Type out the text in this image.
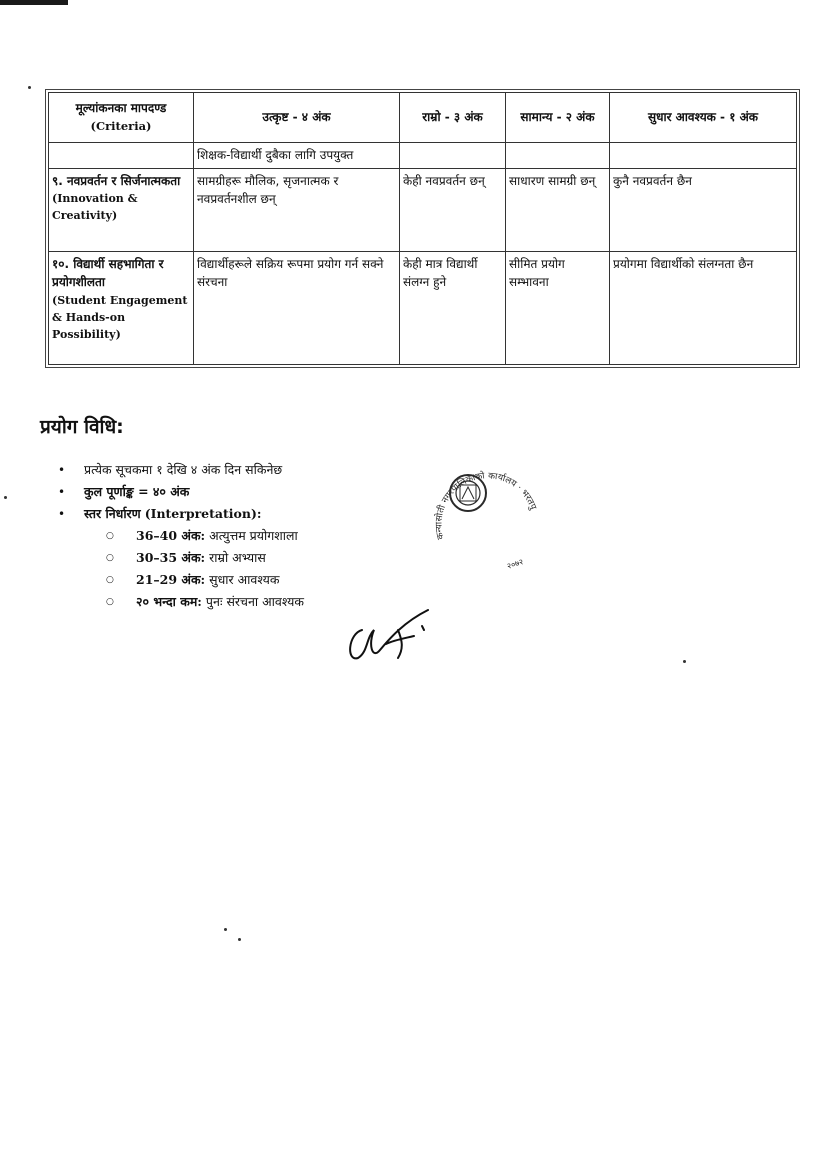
मूल्यांकनका मापदण्ड
(Criteria)	उत्कृष्ट - ४ अंक	राम्रो - ३ अंक	सामान्य - २ अंक	सुधार आवश्यक - १ अंक
	शिक्षक-विद्यार्थी दुबैका लागि उपयुक्त			

९. नवप्रवर्तन र सिर्जनात्मकता
(Innovation & Creativity)	सामग्रीहरू मौलिक, सृजनात्मक र नवप्रवर्तनशील छन्	केही नवप्रवर्तन छन्	साधारण सामग्री छन्	कुनै नवप्रवर्तन छैन

१०. विद्यार्थी सहभागिता र प्रयोगशीलता
(Student Engagement & Hands-on Possibility)	विद्यार्थीहरूले सक्रिय रूपमा प्रयोग गर्न सक्ने संरचना	केही मात्र विद्यार्थी संलग्न हुने	सीमित प्रयोग सम्भावना	प्रयोगमा विद्यार्थीको संलग्नता छैन
प्रयोग विधि:
• प्रत्येक सूचकमा १ देखि ४ अंक दिन सकिनेछ
• कुल पूर्णाङ्क = ४० अंक
• स्तर निर्धारण (Interpretation):
○ 36–40 अंक: अत्युत्तम प्रयोगशाला
○ 30–35 अंक: राम्रो अभ्यास
○ 21–29 अंक: सुधार आवश्यक
○ २० भन्दा कम: पुनः संरचना आवश्यक
कन्यासोती नगरपालिकाको कार्यालय · भरतपुर
२०७२
